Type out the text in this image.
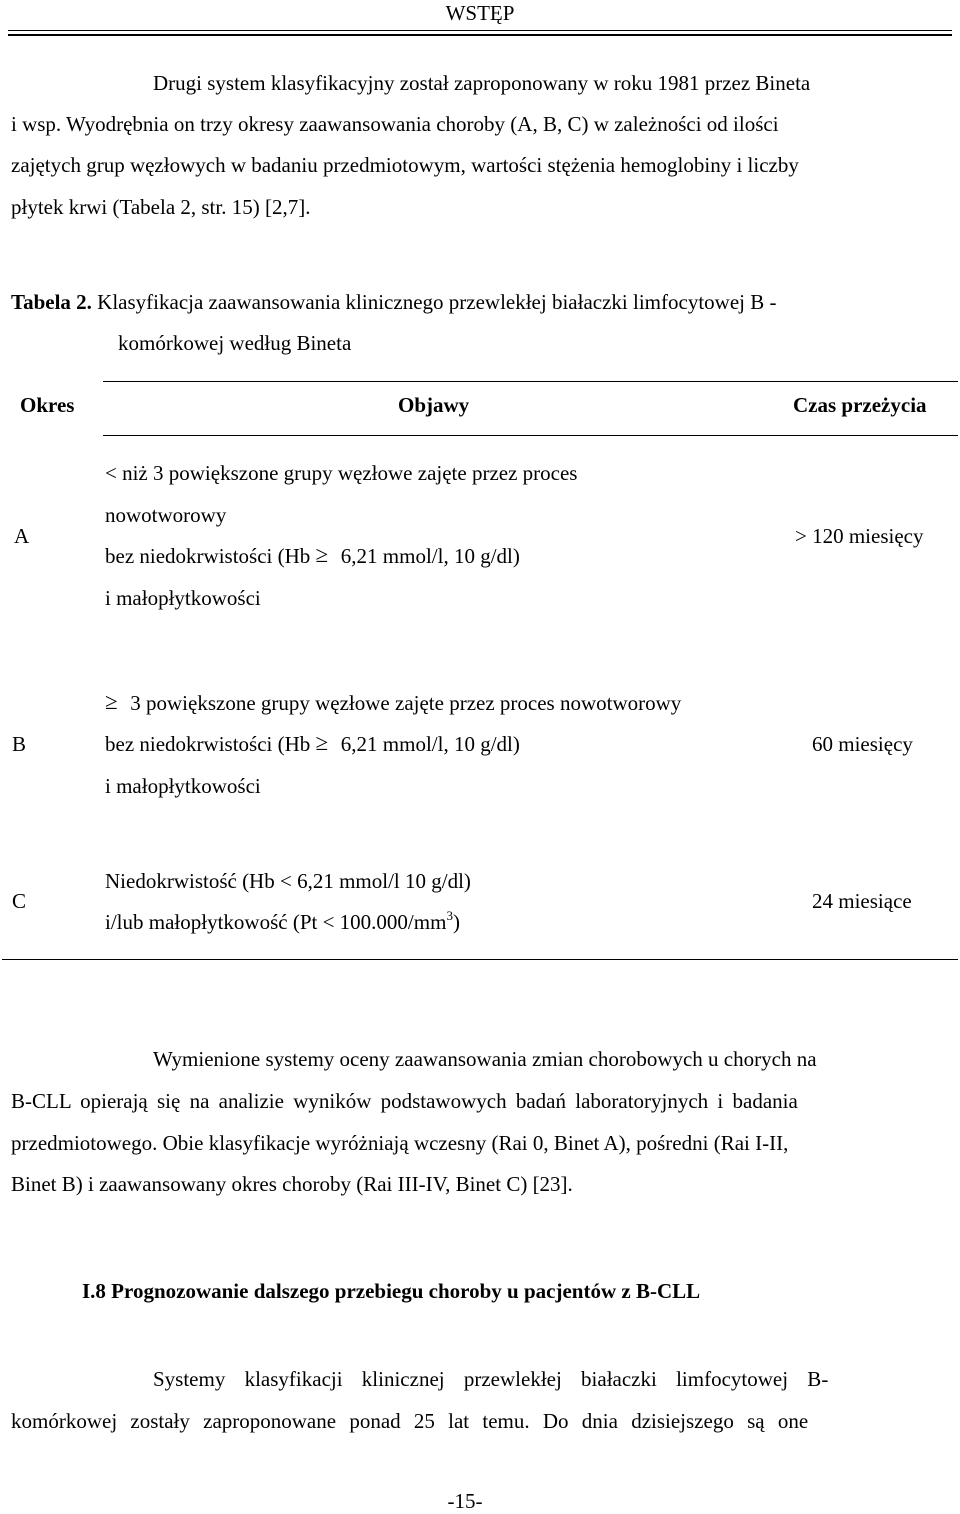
WSTĘP
Drugi system klasyfikacyjny został zaproponowany w roku 1981 przez Bineta
i wsp. Wyodrębnia on trzy okresy zaawansowania choroby (A, B, C) w zależności od ilości
zajętych grup węzłowych w badaniu przedmiotowym, wartości stężenia hemoglobiny i liczby
płytek krwi (Tabela 2, str. 15) [2,7].
Tabela 2. Klasyfikacja zaawansowania klinicznego przewlekłej białaczki limfocytowej B -
komórkowej według Bineta
Okres	Objawy	Czas przeżycia
A
< niż 3 powiększone grupy węzłowe zajęte przez proces
nowotworowy
bez niedokrwistości (Hb ≥ 6,21 mmol/l, 10 g/dl)
i małopłytkowości
> 120 miesięcy
B
≥ 3 powiększone grupy węzłowe zajęte przez proces nowotworowy
bez niedokrwistości (Hb ≥ 6,21 mmol/l, 10 g/dl)
i małopłytkowości
60 miesięcy
C
Niedokrwistość (Hb < 6,21 mmol/l 10 g/dl)
i/lub małopłytkowość $(Pt < 100.000/mm^3)$
24 miesiące
Wymienione systemy oceny zaawansowania zmian chorobowych u chorych na
B-CLL opierają się na analizie wyników podstawowych badań laboratoryjnych i badania
przedmiotowego. Obie klasyfikacje wyróżniają wczesny (Rai 0, Binet A), pośredni (Rai I-II,
Binet B) i zaawansowany okres choroby (Rai III-IV, Binet C) [23].
I.8 Prognozowanie dalszego przebiegu choroby u pacjentów z B-CLL
Systemy klasyfikacji klinicznej przewlekłej białaczki limfocytowej B-
komórkowej zostały zaproponowane ponad 25 lat temu. Do dnia dzisiejszego są one
-15-
